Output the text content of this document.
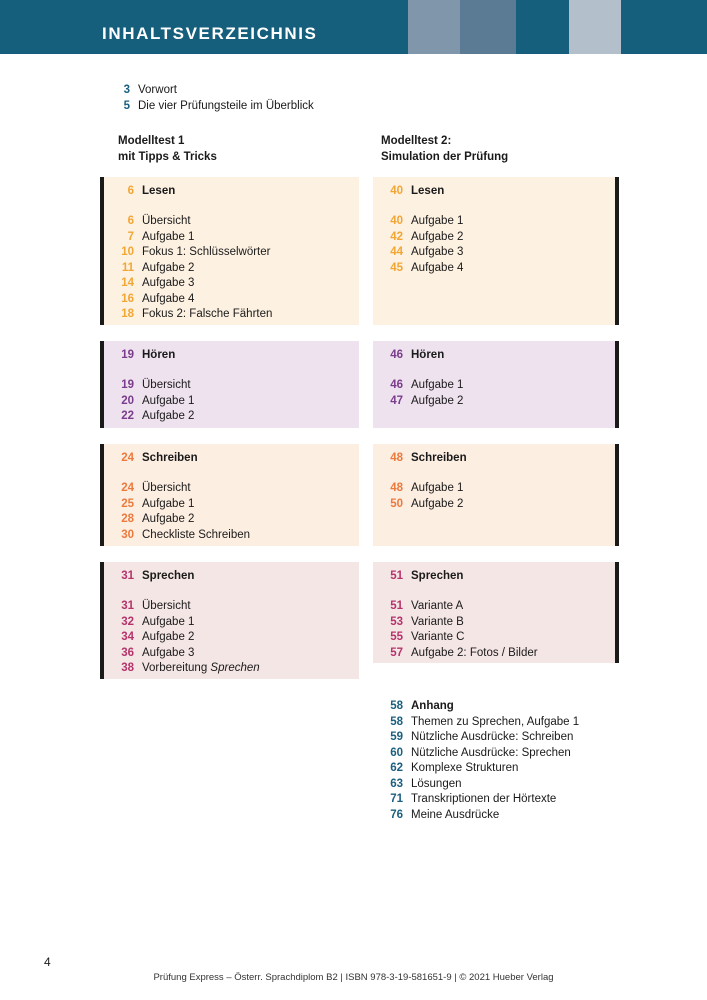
INHALTSVERZEICHNIS
3 Vorwort
5 Die vier Prüfungsteile im Überblick
Modelltest 1
mit Tipps & Tricks
Modelltest 2:
Simulation der Prüfung
6 Lesen
6 Übersicht
7 Aufgabe 1
10 Fokus 1: Schlüsselwörter
11 Aufgabe 2
14 Aufgabe 3
16 Aufgabe 4
18 Fokus 2: Falsche Fährten
19 Hören
19 Übersicht
20 Aufgabe 1
22 Aufgabe 2
24 Schreiben
24 Übersicht
25 Aufgabe 1
28 Aufgabe 2
30 Checkliste Schreiben
31 Sprechen
31 Übersicht
32 Aufgabe 1
34 Aufgabe 2
36 Aufgabe 3
38 Vorbereitung Sprechen
40 Lesen
40 Aufgabe 1
42 Aufgabe 2
44 Aufgabe 3
45 Aufgabe 4
46 Hören
46 Aufgabe 1
47 Aufgabe 2
48 Schreiben
48 Aufgabe 1
50 Aufgabe 2
51 Sprechen
51 Variante A
53 Variante B
55 Variante C
57 Aufgabe 2: Fotos / Bilder
58 Anhang
58 Themen zu Sprechen, Aufgabe 1
59 Nützliche Ausdrücke: Schreiben
60 Nützliche Ausdrücke: Sprechen
62 Komplexe Strukturen
63 Lösungen
71 Transkriptionen der Hörtexte
76 Meine Ausdrücke
4
Prüfung Express – Österr. Sprachdiplom B2 | ISBN 978-3-19-581651-9 | © 2021 Hueber Verlag
